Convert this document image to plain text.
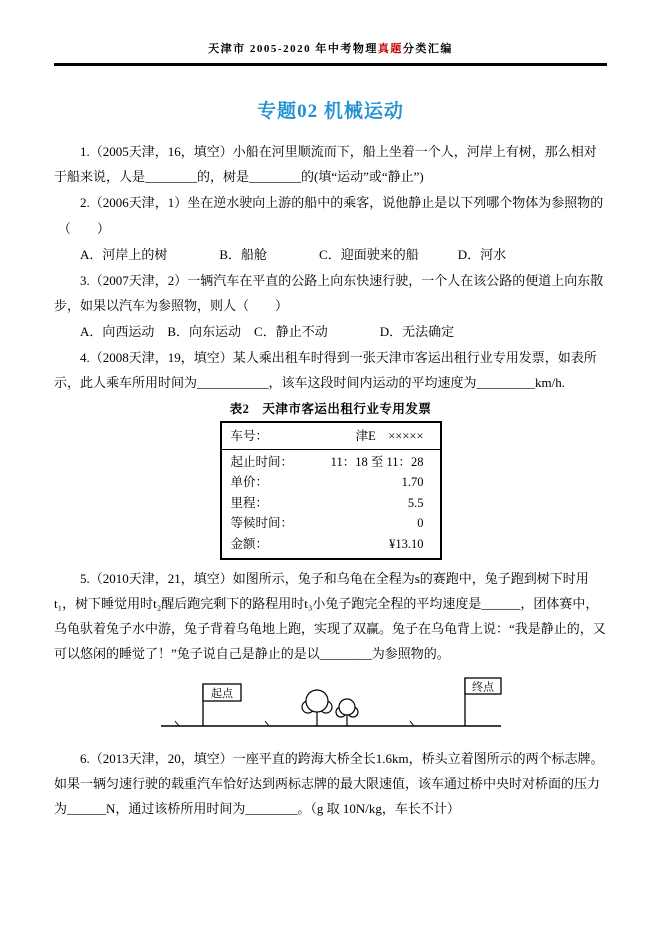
天津市 2005-2020 年中考物理真题分类汇编
专题02 机械运动

1.（2005天津，16，填空）小船在河里顺流而下，船上坐着一个人，河岸上有树，那么相对于船来说，人是________的，树是________的(填“运动”或“静止”)

2.（2006天津，1）坐在逆水驶向上游的船中的乘客，说他静止是以下列哪个物体为参照物的

（　　）

A．河岸上的树　　　　B．船舱　　　　C．迎面驶来的船　　　D．河水

3.（2007天津，2）一辆汽车在平直的公路上向东快速行驶，一个人在该公路的便道上向东散步，如果以汽车为参照物，则人（　　）

A．向西运动　B．向东运动　C．静止不动　　　　D．无法确定

4.（2008天津，19，填空）某人乘出租车时得到一张天津市客运出租行业专用发票，如表所示，此人乘车所用时间为___________，该车这段时间内运动的平均速度为_________km/h.

表2　天津市客运出租行业专用发票
车号：	津E　×××××
起止时间：	11：18 至 11：28
单价：	1.70
里程：	5.5
等候时间：	0
金额：	¥13.10

5.（2010天津，21，填空）如图所示，兔子和乌龟在全程为s的赛跑中，兔子跑到树下时用t₁，树下睡觉用时t₂醒后跑完剩下的路程用时t₃小兔子跑完全程的平均速度是______，团体赛中，乌龟驮着兔子水中游，兔子背着乌龟地上跑，实现了双赢。兔子在乌龟背上说：“我是静止的，又可以悠闲的睡觉了！”兔子说自己是静止的是以________为参照物的。

起点
终点

6.（2013天津，20，填空）一座平直的跨海大桥全长1.6km，桥头立着图所示的两个标志牌。如果一辆匀速行驶的载重汽车恰好达到两标志牌的最大限速值，该车通过桥中央时对桥面的压力为______N，通过该桥所用时间为________。（g 取 10N/kg，车长不计）
